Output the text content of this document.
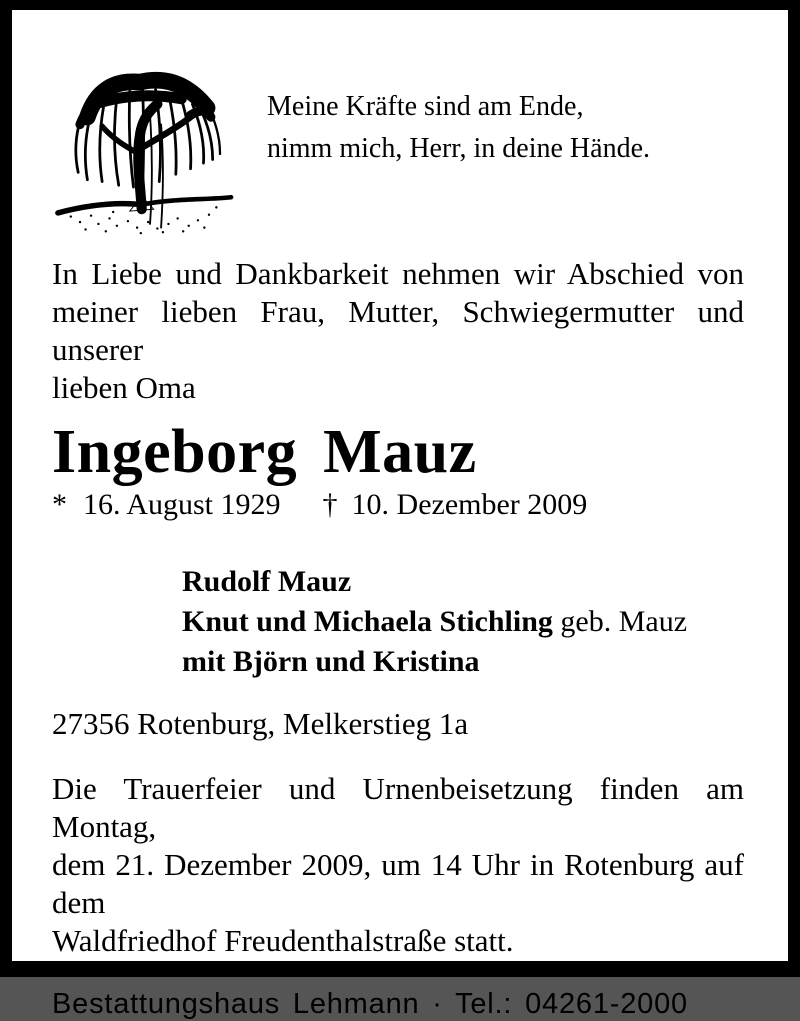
Meine Kräfte sind am Ende,
nimm mich, Herr, in deine Hände.
In Liebe und Dankbarkeit nehmen wir Abschied von
meiner lieben Frau, Mutter, Schwiegermutter und unserer
lieben Oma
Ingeborg Mauz
* 16. August 1929 † 10. Dezember 2009
Rudolf Mauz
Knut und Michaela Stichling geb. Mauz
mit Björn und Kristina
27356 Rotenburg, Melkerstieg 1a
Die Trauerfeier und Urnenbeisetzung finden am Montag,
dem 21. Dezember 2009, um 14 Uhr in Rotenburg auf dem
Waldfriedhof Freudenthalstraße statt.
Bestattungshaus Lehmann · Tel.: 04261-2000
